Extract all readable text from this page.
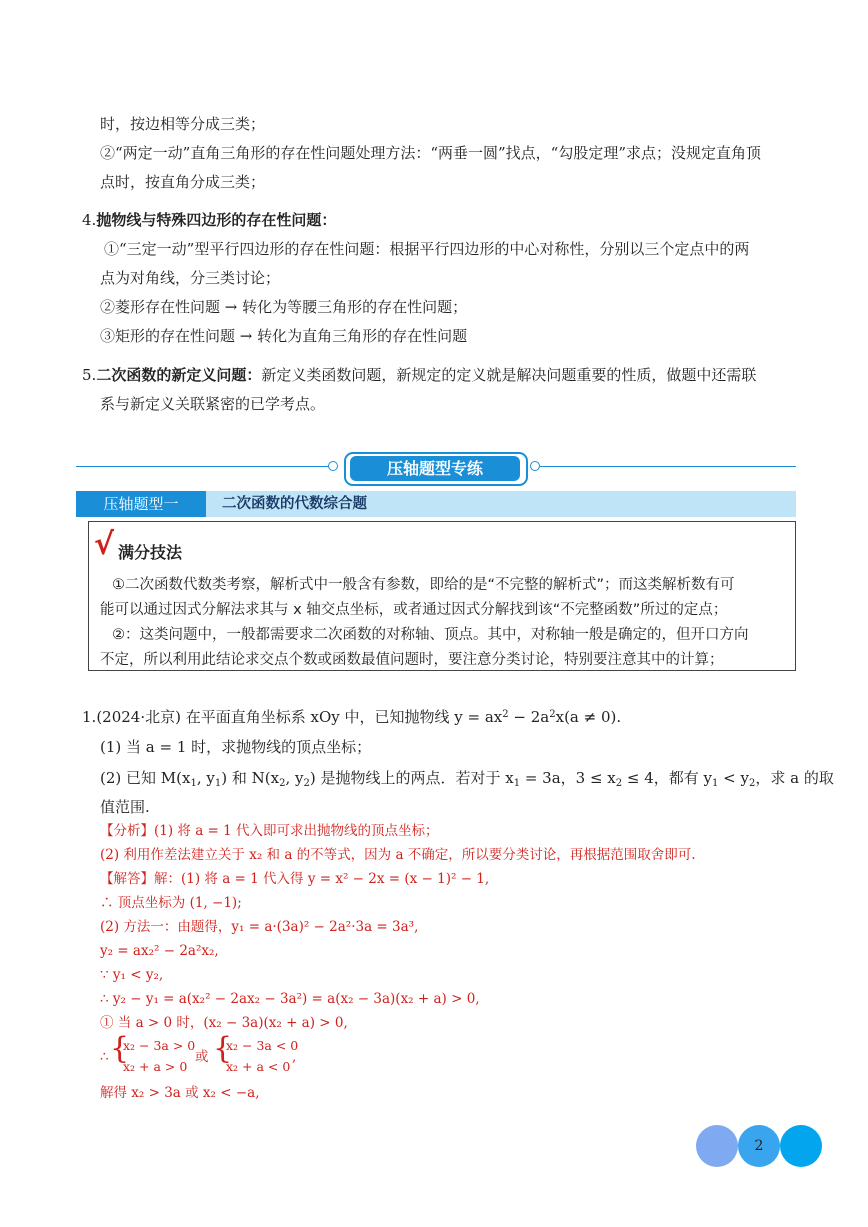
时，按边相等分成三类；
②“两定一动”直角三角形的存在性问题处理方法：“两垂一圆”找点，“勾股定理”求点；没规定直角顶
点时，按直角分成三类；
4.抛物线与特殊四边形的存在性问题：
①“三定一动”型平行四边形的存在性问题：根据平行四边形的中心对称性，分别以三个定点中的两
点为对角线，分三类讨论；
②菱形存在性问题 → 转化为等腰三角形的存在性问题；
③矩形的存在性问题 → 转化为直角三角形的存在性问题
5.二次函数的新定义问题：新定义类函数问题，新规定的定义就是解决问题重要的性质，做题中还需联
系与新定义关联紧密的已学考点。
压轴题型专练
压轴题型一	二次函数的代数综合题
√ 满分技法
①二次函数代数类考察，解析式中一般含有参数，即给的是“不完整的解析式”；而这类解析数有可
能可以通过因式分解法求其与 x 轴交点坐标，或者通过因式分解找到该“不完整函数”所过的定点；
②：这类问题中，一般都需要求二次函数的对称轴、顶点。其中，对称轴一般是确定的，但开口方向
不定，所以利用此结论求交点个数或函数最值问题时，要注意分类讨论，特别要注意其中的计算；
1.(2024·北京) 在平面直角坐标系 xOy 中，已知抛物线 $y = ax^2 - 2a^2x(a \ne 0)$.
(1) 当 a = 1 时，求抛物线的顶点坐标；
(2) 已知 $M(x_1$, $y_1$) 和 $N(x_2$, $y_2$) 是抛物线上的两点．若对于 $x_1 = 3a$，$3 \le x_2 \le 4$，都有 $y_1 < y_2$，求 a 的取
值范围.
【分析】(1) 将 a = 1 代入即可求出抛物线的顶点坐标；
(2) 利用作差法建立关于 x₂ 和 a 的不等式，因为 a 不确定，所以要分类讨论，再根据范围取舍即可.
【解答】解：(1) 将 a = 1 代入得 y = x² − 2x = (x − 1)² − 1,
∴ 顶点坐标为 (1, −1);
(2) 方法一：由题得，y₁ = a·(3a)² − 2a²·3a = 3a³,
y₂ = ax₂² − 2a²x₂,
∵ y₁ < y₂,
∴ y₂ − y₁ = a(x₂² − 2ax₂ − 3a²) = a(x₂ − 3a)(x₂ + a) > 0,
① 当 a > 0 时，(x₂ − 3a)(x₂ + a) > 0,
∴ {
x₂ − 3a > 0
x₂ + a > 0
或 {
x₂ − 3a < 0
x₂ + a < 0
,
解得 x₂ > 3a 或 x₂ < −a,
2
